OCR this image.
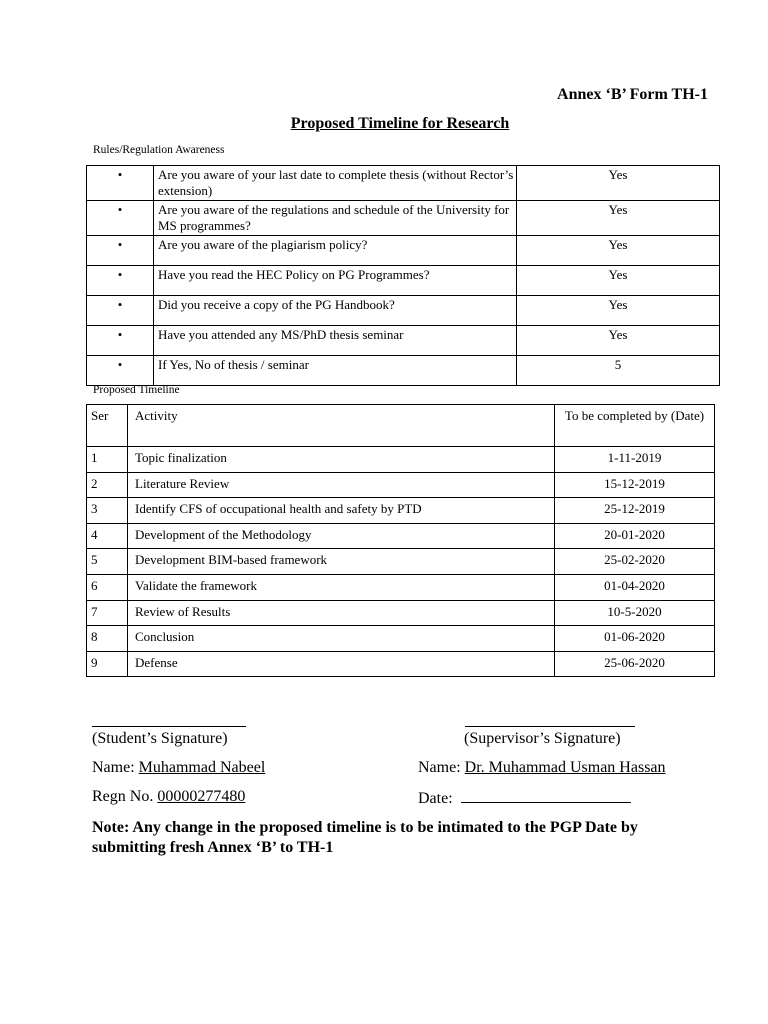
Annex ‘B’ Form TH-1
Proposed Timeline for Research
Rules/Regulation Awareness
•	Are you aware of your last date to complete thesis (without Rector’s extension)	Yes
•	Are you aware of the regulations and schedule of the University for MS programmes?	Yes
•	Are you aware of the plagiarism policy?	Yes
•	Have you read the HEC Policy on PG Programmes?	Yes
•	Did you receive a copy of the PG Handbook?	Yes
•	Have you attended any MS/PhD thesis seminar	Yes
•	If Yes, No of thesis / seminar	5
Proposed Timeline
Ser	Activity	To be completed by (Date)
1	Topic finalization	1-11-2019
2	Literature Review	15-12-2019
3	Identify CFS of occupational health and safety by PTD	25-12-2019
4	Development of the Methodology	20-01-2020
5	Development BIM-based framework	25-02-2020
6	Validate the framework	01-04-2020
7	Review of Results	10-5-2020
8	Conclusion	01-06-2020
9	Defense	25-06-2020
(Student’s Signature)	(Supervisor’s Signature)
Name: Muhammad Nabeel	Name: Dr. Muhammad Usman Hassan
Regn No. 00000277480	Date:
Note: Any change in the proposed timeline is to be intimated to the PGP Date by submitting fresh Annex ‘B’ to TH-1
